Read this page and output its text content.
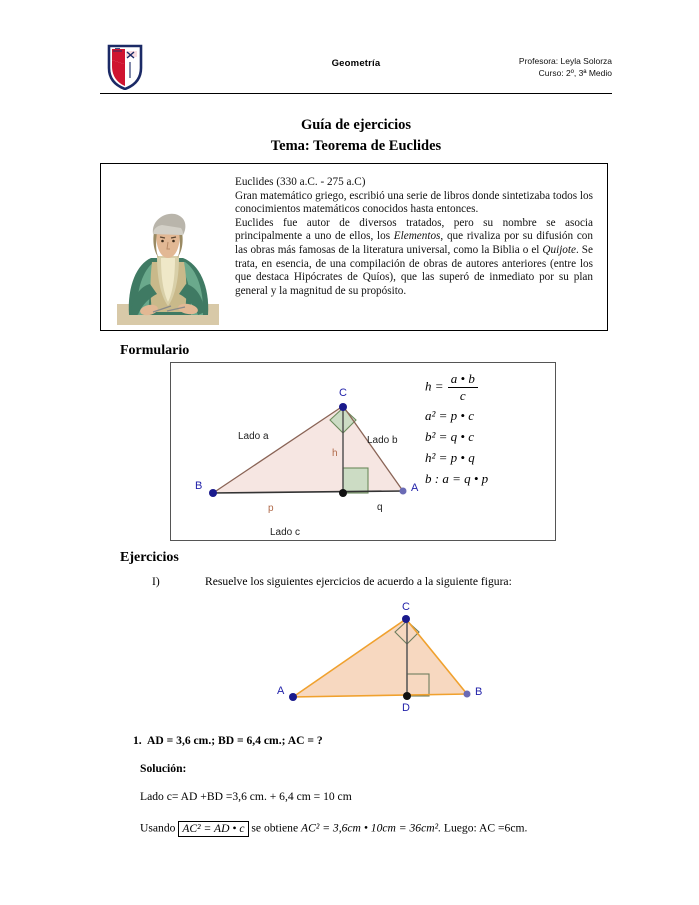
Geometría	Profesora: Leyla Solorza
Curso: 2º, 3ª Medio
Guía de ejercicios
Tema: Teorema de Euclides

Euclides (330 a.C. - 275 a.C)

Gran matemático griego, escribió una serie de libros donde sintetizaba todos los conocimientos matemáticos conocidos hasta entonces.

Euclides fue autor de diversos tratados, pero su nombre se asocia principalmente a uno de ellos, los Elementos, que rivaliza por su difusión con las obras más famosas de la literatura universal, como la Biblia o el Quijote. Se trata, en esencia, de una compilación de obras de autores anteriores (entre los que destaca Hipócrates de Quíos), que las superó de inmediato por su plan general y la magnitud de su propósito.

Formulario
C
B	A
Lado a	Lado b
Lado c
h
p	q
$h = \frac{a • b}{c}$
a² = p • c
b² = q • c
h² = p • q
b : a = q • p
Ejercicios
I)	Resuelve los siguientes ejercicios de acuerdo a la siguiente figura:
C
A	B
D
1. AD = 3,6 cm.; BD = 6,4 cm.; AC = ?
Solución:
Lado c= AD +BD =3,6 cm. + 6,4 cm = 10 cm
Usando AC² = AD • c se obtiene AC² = 3,6cm • 10cm = 36cm². Luego: AC =6cm.
